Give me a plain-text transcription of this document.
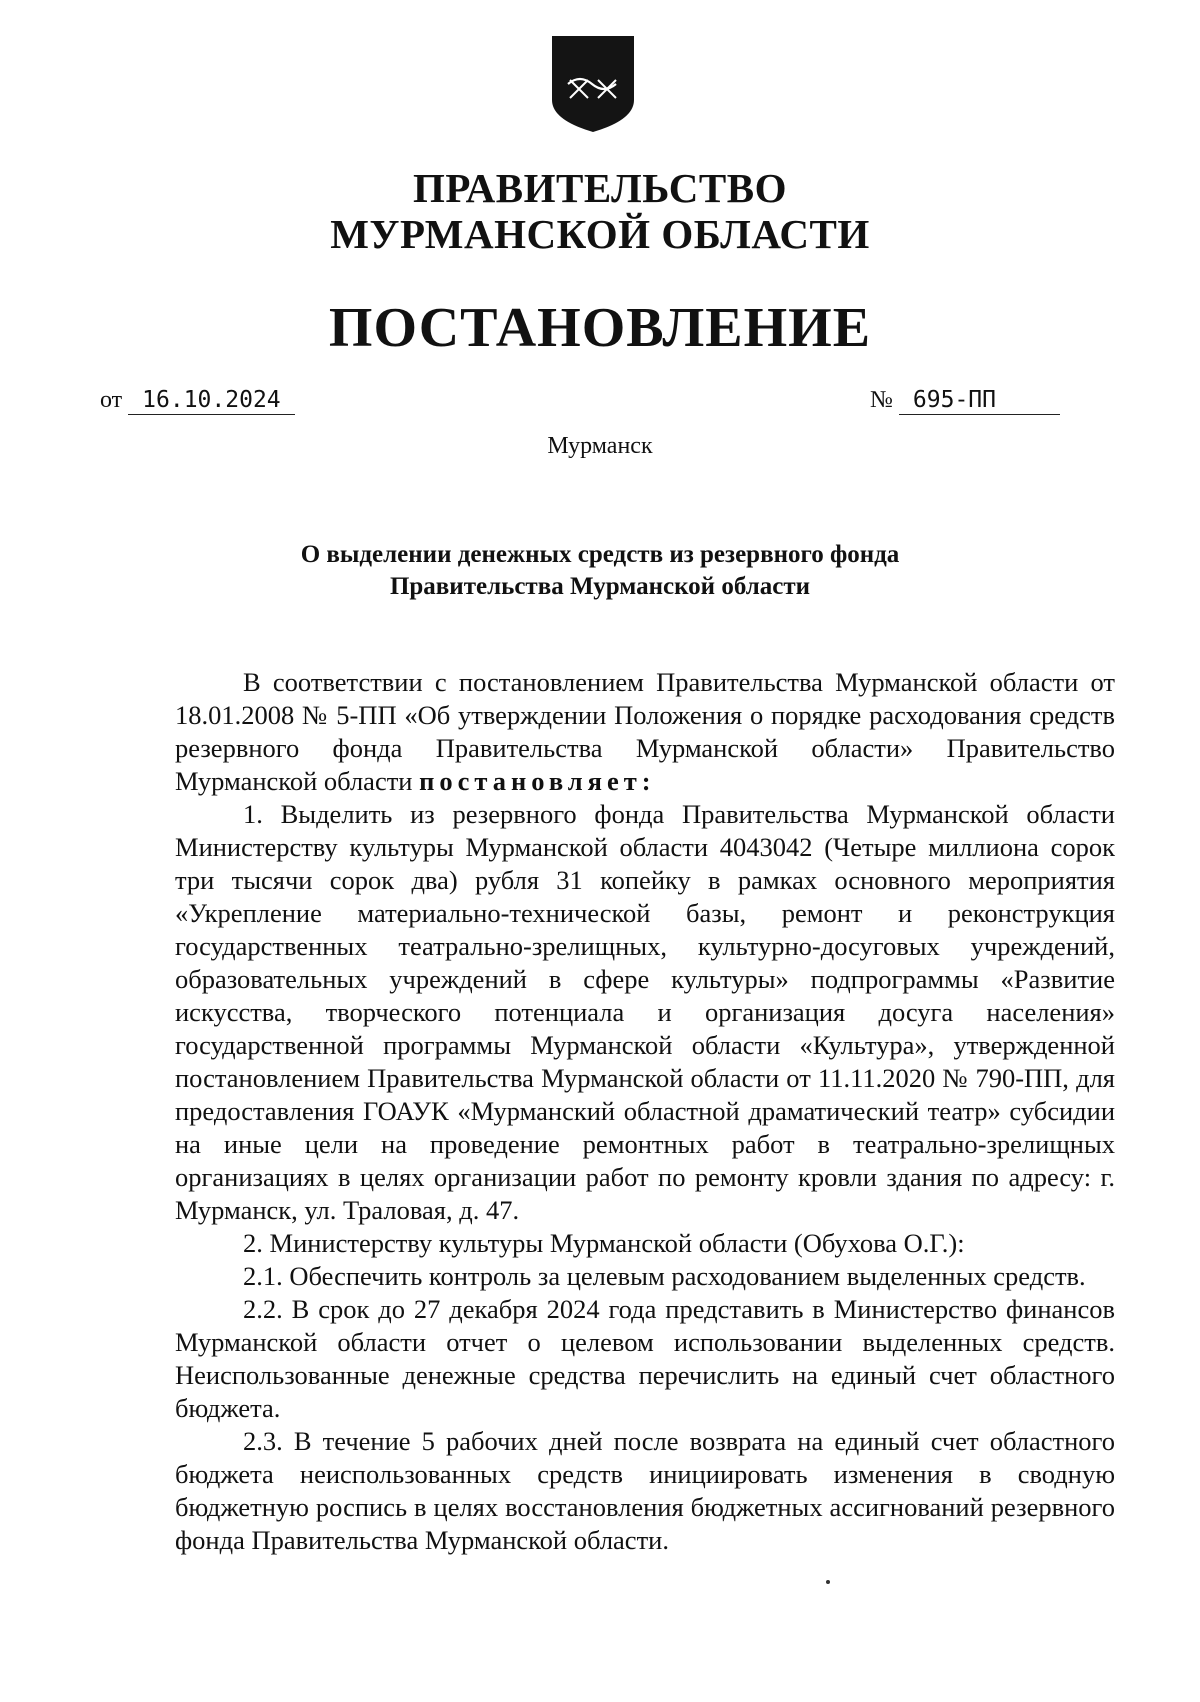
ПРАВИТЕЛЬСТВО
МУРМАНСКОЙ ОБЛАСТИ
ПОСТАНОВЛЕНИЕ
от 16.10.2024	№ 695-ПП
Мурманск
О выделении денежных средств из резервного фонда
Правительства Мурманской области

В соответствии с постановлением Правительства Мурманской области от 18.01.2008 № 5-ПП «Об утверждении Положения о порядке расходования средств резервного фонда Правительства Мурманской области» Правительство Мурманской области постановляет:

1. Выделить из резервного фонда Правительства Мурманской области Министерству культуры Мурманской области 4043042 (Четыре миллиона сорок три тысячи сорок два) рубля 31 копейку в рамках основного мероприятия «Укрепление материально-технической базы, ремонт и реконструкция государственных театрально-зрелищных, культурно-досуговых учреждений, образовательных учреждений в сфере культуры» подпрограммы «Развитие искусства, творческого потенциала и организация досуга населения» государственной программы Мурманской области «Культура», утвержденной постановлением Правительства Мурманской области от 11.11.2020 № 790-ПП, для предоставления ГОАУК «Мурманский областной драматический театр» субсидии на иные цели на проведение ремонтных работ в театрально-зрелищных организациях в целях организации работ по ремонту кровли здания по адресу: г. Мурманск, ул. Траловая, д. 47.

2. Министерству культуры Мурманской области (Обухова О.Г.):

2.1. Обеспечить контроль за целевым расходованием выделенных средств.

2.2. В срок до 27 декабря 2024 года представить в Министерство финансов Мурманской области отчет о целевом использовании выделенных средств. Неиспользованные денежные средства перечислить на единый счет областного бюджета.

2.3. В течение 5 рабочих дней после возврата на единый счет областного бюджета неиспользованных средств инициировать изменения в сводную бюджетную роспись в целях восстановления бюджетных ассигнований резервного фонда Правительства Мурманской области.
